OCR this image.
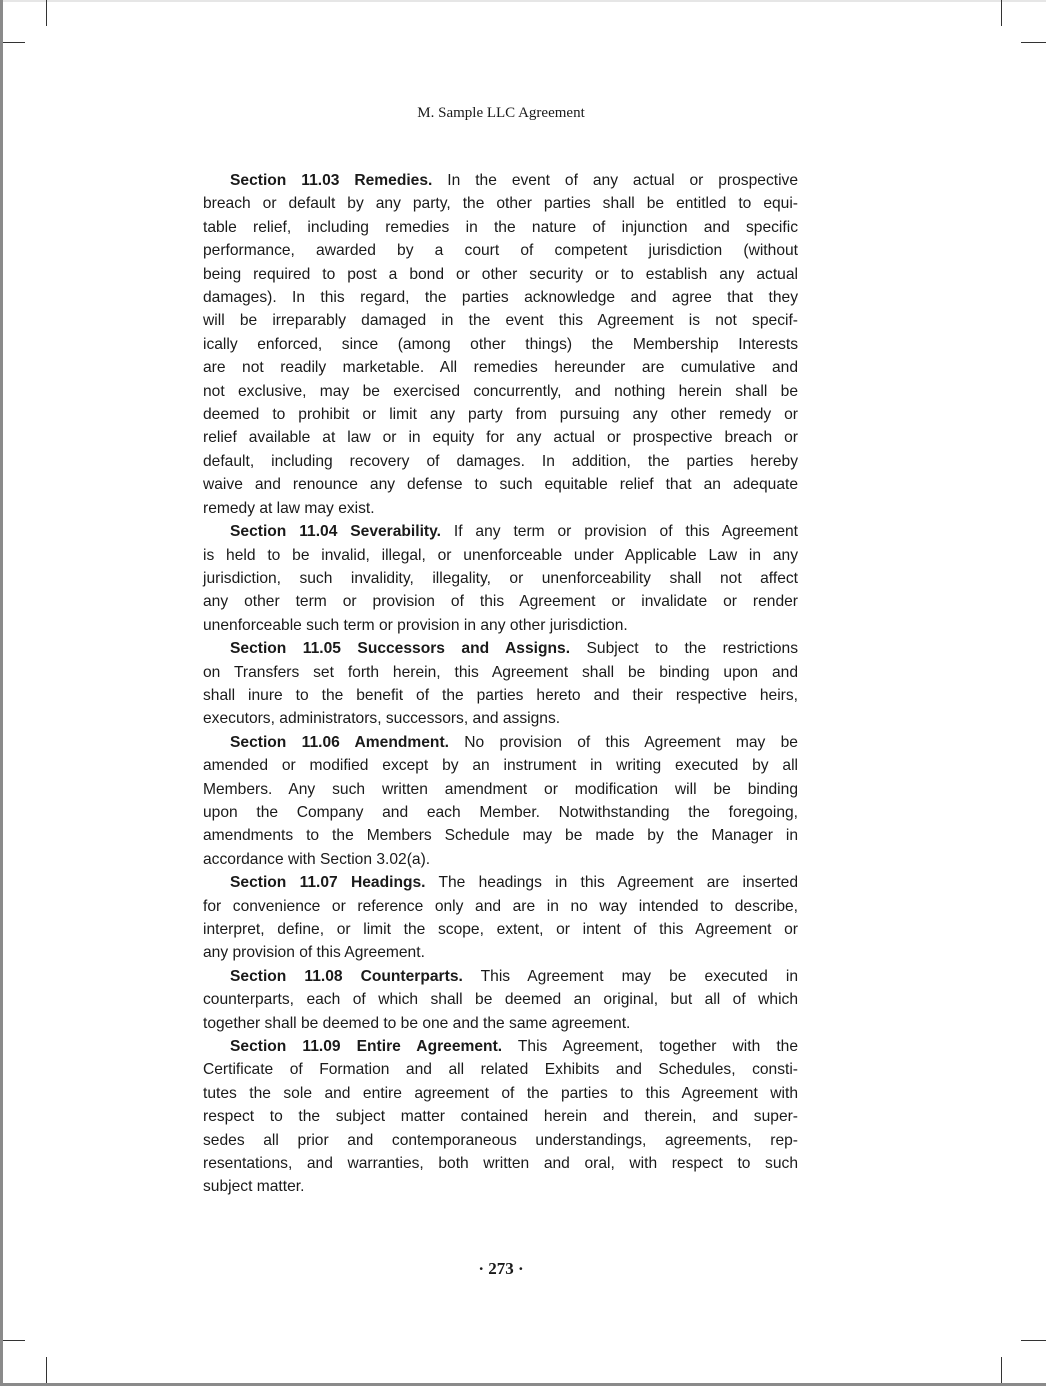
M. Sample LLC Agreement
Section 11.03 Remedies. In the event of any actual or prospective
breach or default by any party, the other parties shall be entitled to equi-
table relief, including remedies in the nature of injunction and specific
performance, awarded by a court of competent jurisdiction (without
being required to post a bond or other security or to establish any actual
damages). In this regard, the parties acknowledge and agree that they
will be irreparably damaged in the event this Agreement is not specif-
ically enforced, since (among other things) the Membership Interests
are not readily marketable. All remedies hereunder are cumulative and
not exclusive, may be exercised concurrently, and nothing herein shall be
deemed to prohibit or limit any party from pursuing any other remedy or
relief available at law or in equity for any actual or prospective breach or
default, including recovery of damages. In addition, the parties hereby
waive and renounce any defense to such equitable relief that an adequate
remedy at law may exist.
Section 11.04 Severability. If any term or provision of this Agreement
is held to be invalid, illegal, or unenforceable under Applicable Law in any
jurisdiction, such invalidity, illegality, or unenforceability shall not affect
any other term or provision of this Agreement or invalidate or render
unenforceable such term or provision in any other jurisdiction.
Section 11.05 Successors and Assigns. Subject to the restrictions
on Transfers set forth herein, this Agreement shall be binding upon and
shall inure to the benefit of the parties hereto and their respective heirs,
executors, administrators, successors, and assigns.
Section 11.06 Amendment. No provision of this Agreement may be
amended or modified except by an instrument in writing executed by all
Members. Any such written amendment or modification will be binding
upon the Company and each Member. Notwithstanding the foregoing,
amendments to the Members Schedule may be made by the Manager in
accordance with Section 3.02(a).
Section 11.07 Headings. The headings in this Agreement are inserted
for convenience or reference only and are in no way intended to describe,
interpret, define, or limit the scope, extent, or intent of this Agreement or
any provision of this Agreement.
Section 11.08 Counterparts. This Agreement may be executed in
counterparts, each of which shall be deemed an original, but all of which
together shall be deemed to be one and the same agreement.
Section 11.09 Entire Agreement. This Agreement, together with the
Certificate of Formation and all related Exhibits and Schedules, consti-
tutes the sole and entire agreement of the parties to this Agreement with
respect to the subject matter contained herein and therein, and super-
sedes all prior and contemporaneous understandings, agreements, rep-
resentations, and warranties, both written and oral, with respect to such
subject matter.
· 273 ·
